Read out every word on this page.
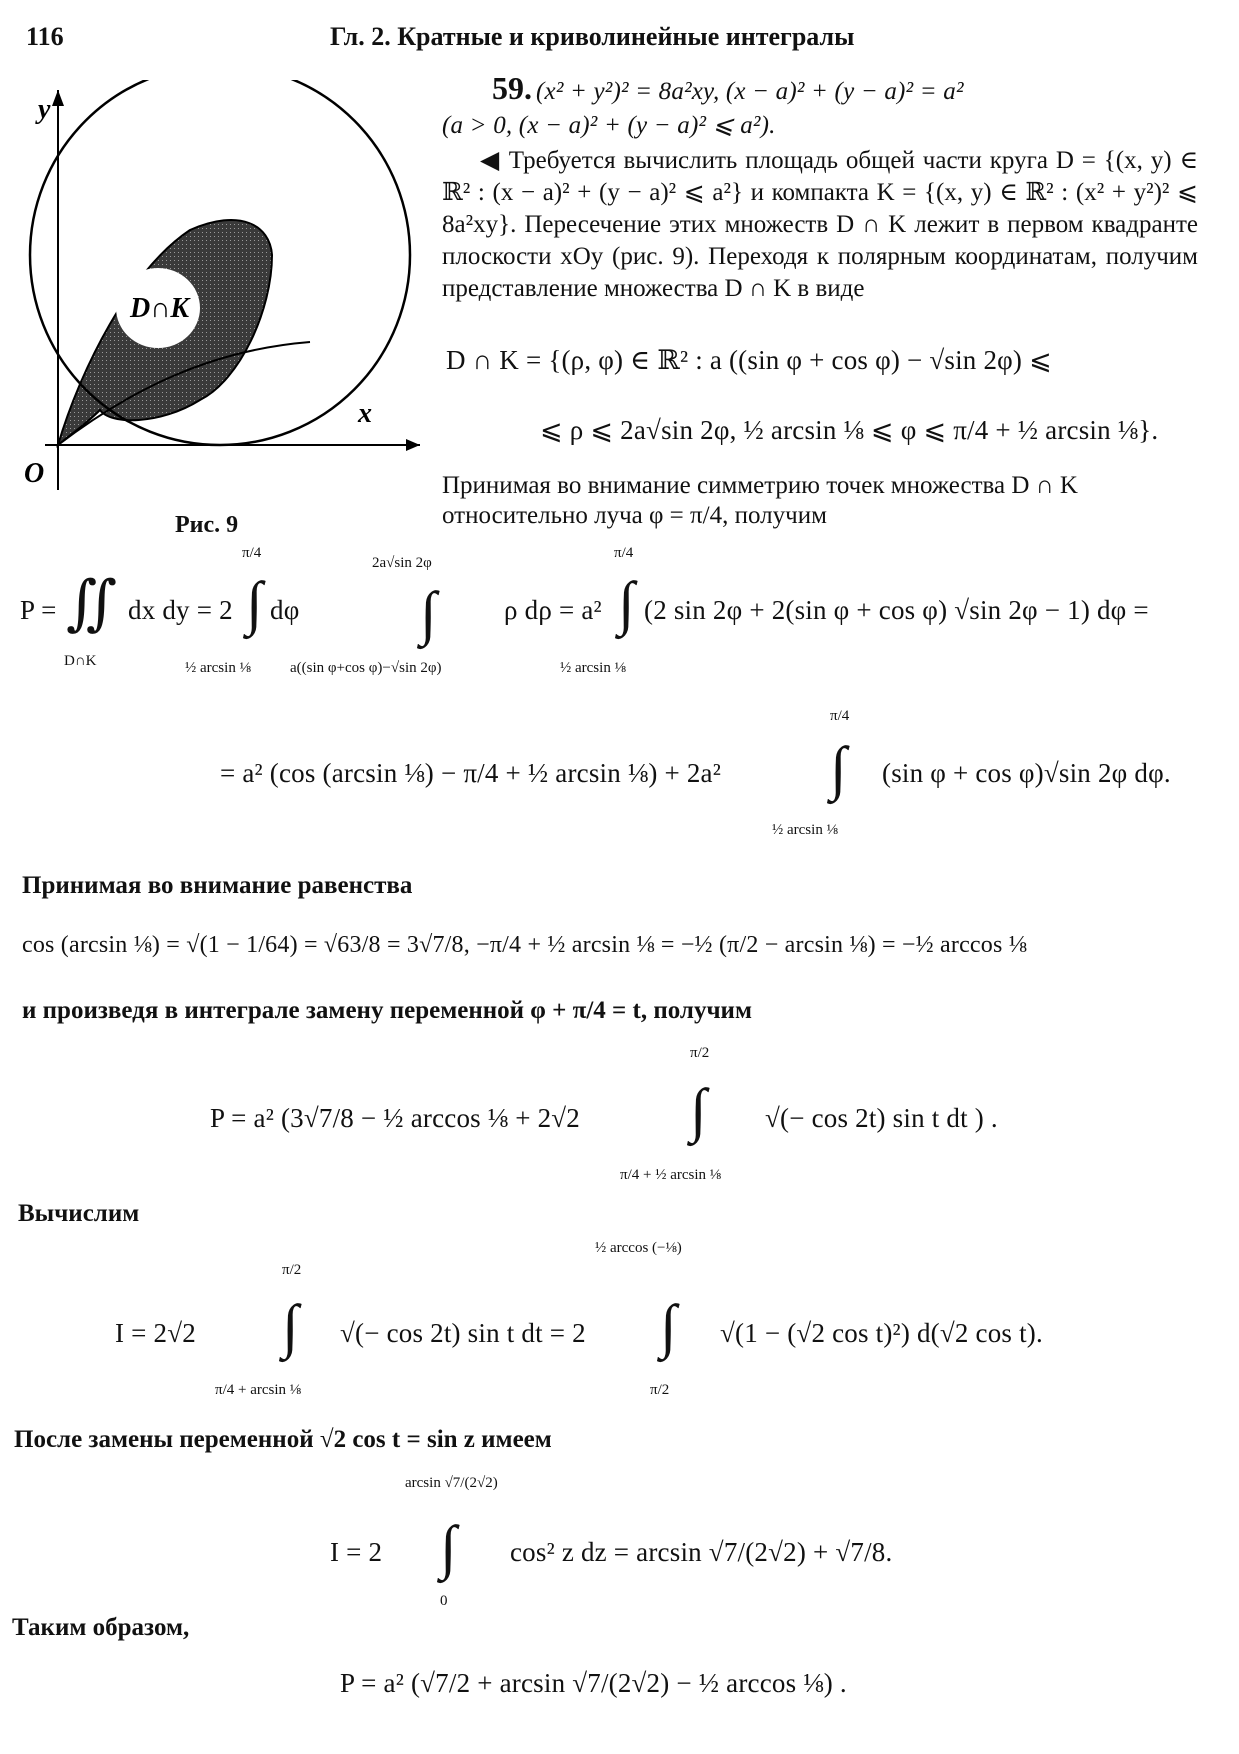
116	Гл. 2. Кратные и криволинейные интегралы
y
x
O
D∩K
Рис. 9
59. (x² + y²)² = 8a²xy, (x − a)² + (y − a)² = a²
(a > 0, (x − a)² + (y − a)² ⩽ a²).
◀ Требуется вычислить площадь общей части круга D = {(x, y) ∈ ℝ² : (x − a)² + (y − a)² ⩽ a²} и компакта K = {(x, y) ∈ ℝ² : (x² + y²)² ⩽ 8a²xy}. Пересечение этих множеств D ∩ K лежит в первом квадранте плоскости xOy (рис. 9). Переходя к полярным координатам, получим представление множества D ∩ K в виде
D ∩ K = {(ρ, φ) ∈ ℝ² : a ((sin φ + cos φ) − √sin 2φ) ⩽
⩽ ρ ⩽ 2a√sin 2φ, ½ arcsin ⅛ ⩽ φ ⩽ π/4 + ½ arcsin ⅛}.
Принимая во внимание симметрию точек множества D ∩ K
относительно луча φ = π/4, получим
P = ∬
D∩K
dx dy = 2
π/4
∫
½ arcsin ⅛
dφ
2a√sin 2φ
∫
a((sin φ+cos φ)−√sin 2φ)
ρ dρ = a²
π/4
∫
½ arcsin ⅛
(2 sin 2φ + 2(sin φ + cos φ) √sin 2φ − 1) dφ =
= a² (cos (arcsin ⅛) − π/4 + ½ arcsin ⅛) + 2a²
π/4
∫
½ arcsin ⅛
(sin φ + cos φ)√sin 2φ dφ.
Принимая во внимание равенства
cos (arcsin ⅛) = √(1 − 1/64) = √63/8 = 3√7/8, −π/4 + ½ arcsin ⅛ = −½ (π/2 − arcsin ⅛) = −½ arccos ⅛
и произведя в интеграле замену переменной φ + π/4 = t, получим
P = a² (3√7/8 − ½ arccos ⅛ + 2√2
π/2
∫
π/4 + ½ arcsin ⅛
√(− cos 2t) sin t dt ) .
Вычислим
I = 2√2
π/2
∫
π/4 + arcsin ⅛
√(− cos 2t) sin t dt = 2
½ arccos (−⅛)
∫
π/2
√(1 − (√2 cos t)²) d(√2 cos t).
После замены переменной √2 cos t = sin z имеем
I = 2
arcsin √7/(2√2)
∫
0
cos² z dz = arcsin √7/(2√2) + √7/8.
Таким образом,
P = a² (√7/2 + arcsin √7/(2√2) − ½ arccos ⅛) .
